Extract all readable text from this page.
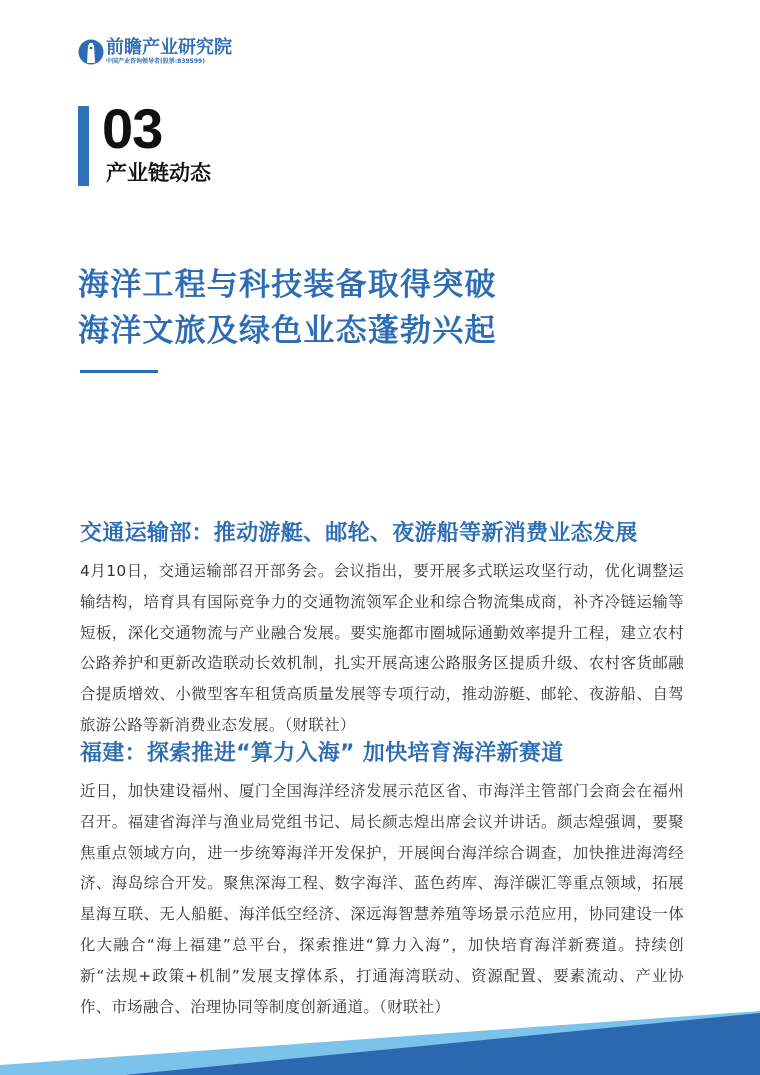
前瞻产业研究院
中国产业咨询领导者(股票:839599)
03
产业链动态
海洋工程与科技装备取得突破
海洋文旅及绿色业态蓬勃兴起
交通运输部：推动游艇、邮轮、夜游船等新消费业态发展

4月10日，交通运输部召开部务会。会议指出，要开展多式联运攻坚行动，优化调整运输结构，培育具有国际竞争力的交通物流领军企业和综合物流集成商，补齐冷链运输等短板，深化交通物流与产业融合发展。要实施都市圈城际通勤效率提升工程，建立农村公路养护和更新改造联动长效机制，扎实开展高速公路服务区提质升级、农村客货邮融合提质增效、小微型客车租赁高质量发展等专项行动，推动游艇、邮轮、夜游船、自驾旅游公路等新消费业态发展。（财联社）

福建：探索推进“算力入海” 加快培育海洋新赛道

近日，加快建设福州、厦门全国海洋经济发展示范区省、市海洋主管部门会商会在福州召开。福建省海洋与渔业局党组书记、局长颜志煌出席会议并讲话。颜志煌强调，要聚焦重点领域方向，进一步统筹海洋开发保护，开展闽台海洋综合调查，加快推进海湾经济、海岛综合开发。聚焦深海工程、数字海洋、蓝色药库、海洋碳汇等重点领域，拓展星海互联、无人船艇、海洋低空经济、深远海智慧养殖等场景示范应用，协同建设一体化大融合“海上福建”总平台，探索推进“算力入海”，加快培育海洋新赛道。持续创新“法规+政策+机制”发展支撑体系，打通海湾联动、资源配置、要素流动、产业协作、市场融合、治理协同等制度创新通道。（财联社）
